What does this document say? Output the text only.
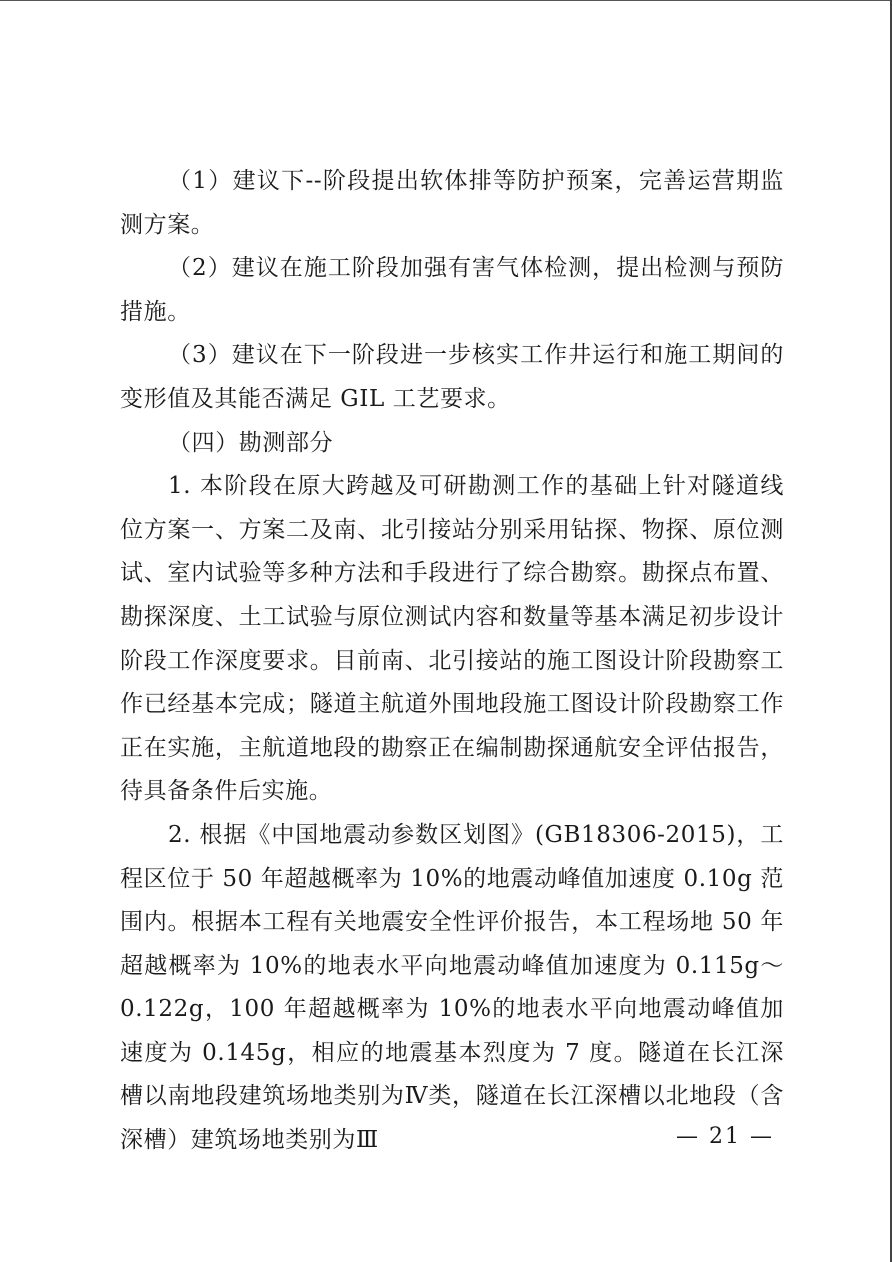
（1）建议下--阶段提出软体排等防护预案，完善运营期监测方案。

（2）建议在施工阶段加强有害气体检测，提出检测与预防措施。

（3）建议在下一阶段进一步核实工作井运行和施工期间的变形值及其能否满足 GIL 工艺要求。

（四）勘测部分

1. 本阶段在原大跨越及可研勘测工作的基础上针对隧道线位方案一、方案二及南、北引接站分别采用钻探、物探、原位测试、室内试验等多种方法和手段进行了综合勘察。勘探点布置、勘探深度、土工试验与原位测试内容和数量等基本满足初步设计阶段工作深度要求。目前南、北引接站的施工图设计阶段勘察工作已经基本完成；隧道主航道外围地段施工图设计阶段勘察工作正在实施，主航道地段的勘察正在编制勘探通航安全评估报告，待具备条件后实施。

2. 根据《中国地震动参数区划图》(GB18306-2015)，工程区位于 50 年超越概率为 10%的地震动峰值加速度 0.10g 范围内。根据本工程有关地震安全性评价报告，本工程场地 50 年超越概率为 10%的地表水平向地震动峰值加速度为 0.115g～0.122g，100 年超越概率为 10%的地表水平向地震动峰值加速度为 0.145g，相应的地震基本烈度为 7 度。隧道在长江深槽以南地段建筑场地类别为Ⅳ类，隧道在长江深槽以北地段（含深槽）建筑场地类别为Ⅲ	— 21 —
